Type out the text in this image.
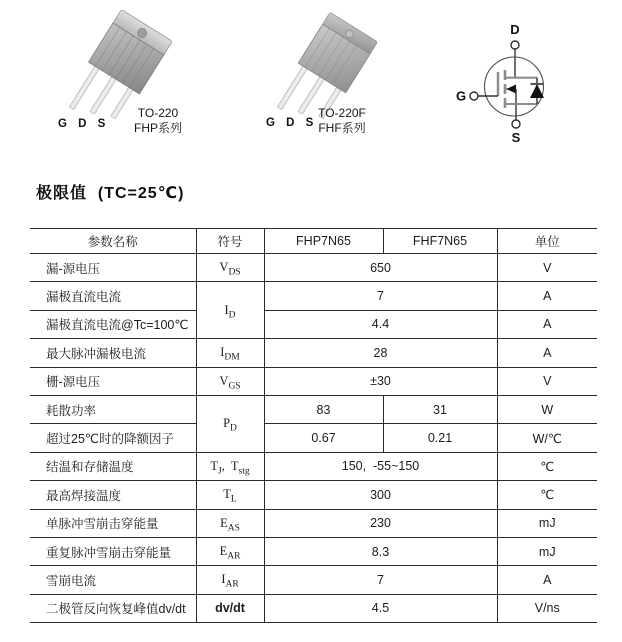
G D S
TO-220
FHP系列	G D S
TO-220F
FHF系列
D
G
S
极限值  (TC=25℃)
参数名称	符号	FHP7N65	FHF7N65	单位
漏-源电压	$V_{DS}$	650		V
漏极直流电流	$I_D$	7		A
漏极直流电流@Tc=100℃		4.4		A
最大脉冲漏极电流	$I_{DM}$	28		A
栅-源电压	$V_{GS}$	±30		V
耗散功率	$P_D$	83	31	W
超过25℃时的降额因子		0.67	0.21	W/℃
结温和存储温度	$T_J$, $T_{stg}$	150,  -55~150		℃
最高焊接温度	$T_L$	300		℃
单脉冲雪崩击穿能量	$E_{AS}$	230		mJ
重复脉冲雪崩击穿能量	$E_{AR}$	8.3		mJ
雪崩电流	$I_{AR}$	7		A
二极管反向恢复峰值dv/dt	dv/dt	4.5		V/ns
